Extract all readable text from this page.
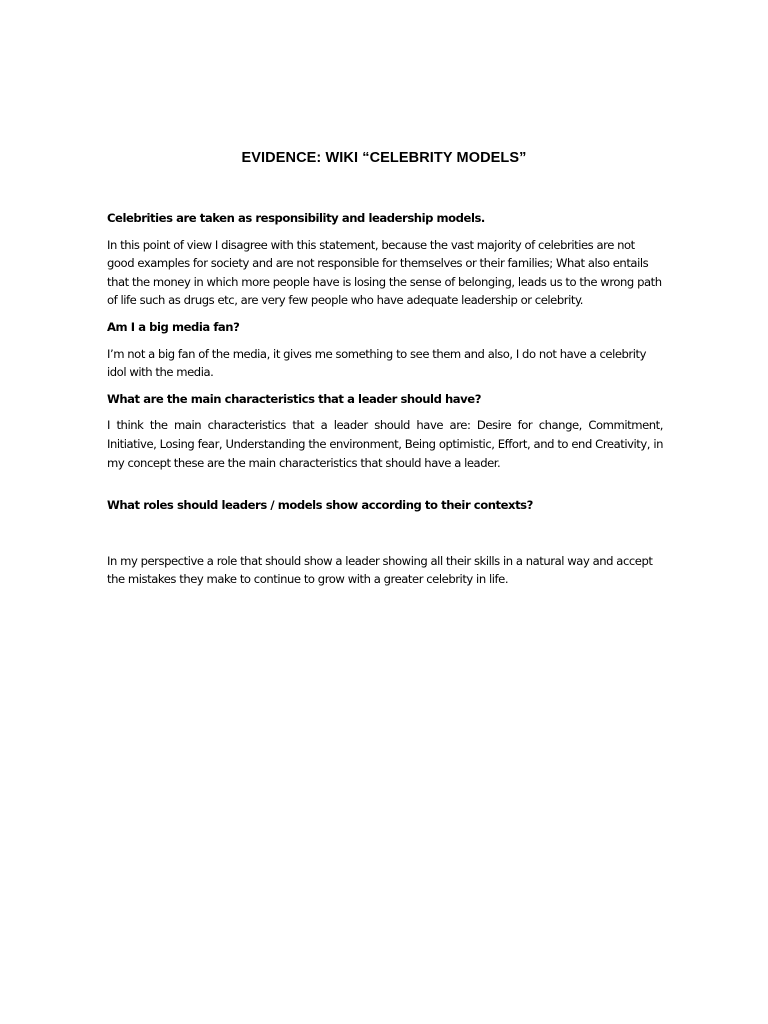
EVIDENCE: WIKI “CELEBRITY MODELS”

Celebrities are taken as responsibility and leadership models.

In this point of view I disagree with this statement, because the vast majority of celebrities are not good examples for society and are not responsible for themselves or their families; What also entails that the money in which more people have is losing the sense of belonging, leads us to the wrong path of life such as drugs etc, are very few people who have adequate leadership or celebrity.

Am I a big media fan?

I’m not a big fan of the media, it gives me something to see them and also, I do not have a celebrity idol with the media.

What are the main characteristics that a leader should have?

I think the main characteristics that a leader should have are: Desire for change, Commitment, Initiative, Losing fear, Understanding the environment, Being optimistic, Effort, and to end Creativity, in my concept these are the main characteristics that should have a leader.

What roles should leaders / models show according to their contexts?

In my perspective a role that should show a leader showing all their skills in a natural way and accept the mistakes they make to continue to grow with a greater celebrity in life.
